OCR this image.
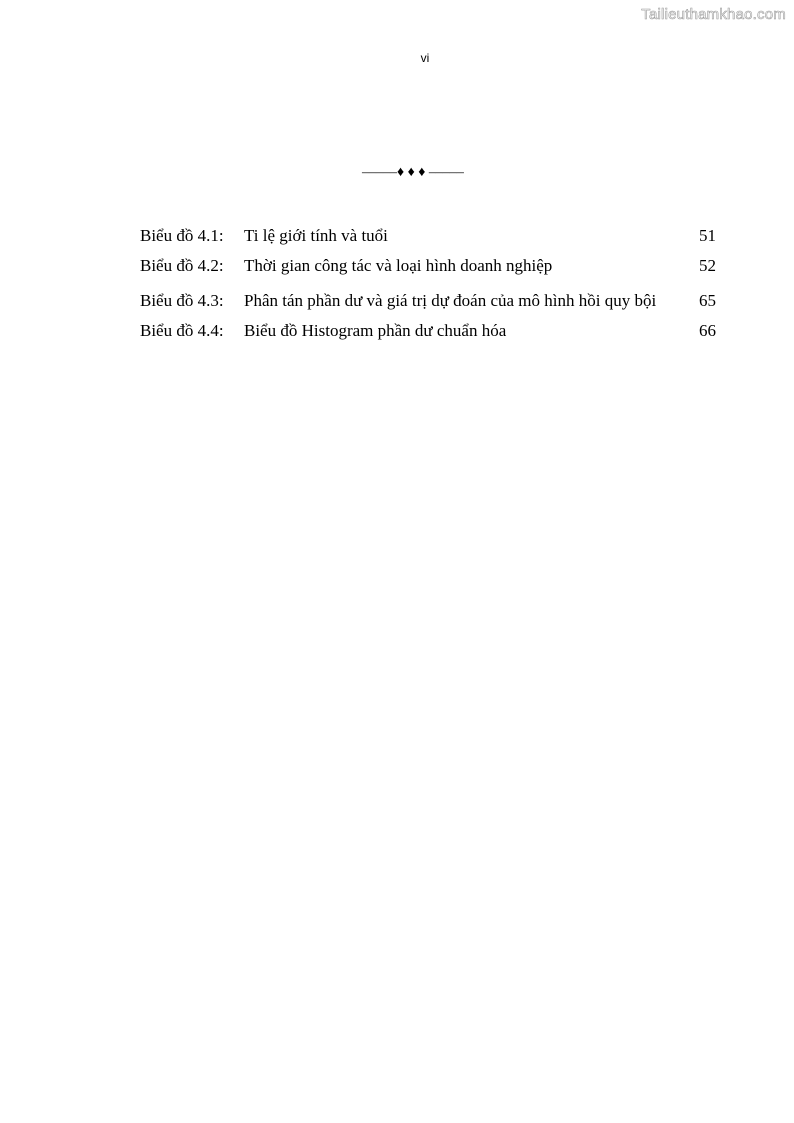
Tailieuthamkhao.com
vi
–––––♦ ♦ ♦ –––––
Biểu đồ 4.1:	Ti lệ giới tính và tuổi	51
Biểu đồ 4.2:	Thời gian công tác và loại hình doanh nghiệp	52
Biểu đồ 4.3:	Phân tán phần dư và giá trị dự đoán của mô hình hồi quy bội	65
Biểu đồ 4.4:	Biểu đồ Histogram phần dư chuẩn hóa	66
